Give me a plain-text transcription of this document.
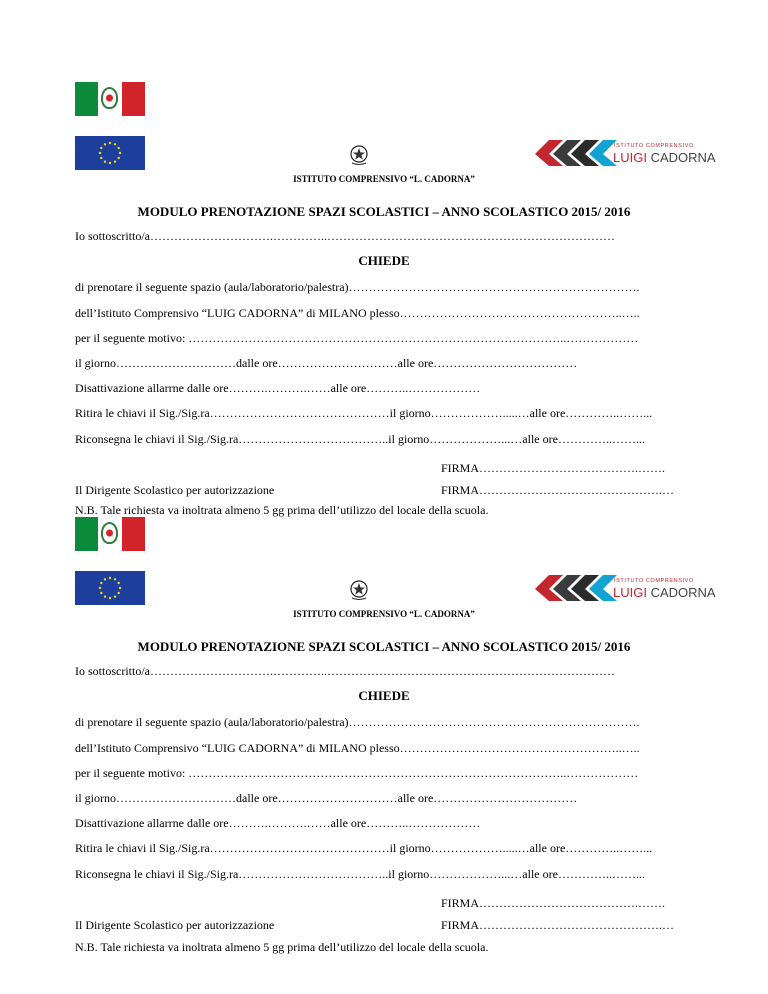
ISTITUTO COMPRENSIVO
LUIGI CADORNA
ISTITUTO COMPRENSIVO “L. CADORNA”
MODULO PRENOTAZIONE SPAZI SCOLASTICI – ANNO SCOLASTICO 2015/ 2016
Io sottoscritto/a………………………….…………..………………………………………………………………
CHIEDE
di prenotare il seguente spazio (aula/laboratorio/palestra)……………………………………………………………….
dell’Istituto Comprensivo “LUIG CADORNA” di MILANO plesso………………………………………………..…..
per il seguente motivo: …………………………………………………………………………………..………………
il giorno…………………………dalle ore…………………………alle ore………………………………
Disattivazione allarrne dalle ore……….……….……alle ore………..………………
Ritira le chiavi il Sig./Sig.ra………………………………………il giorno……………….....…alle ore…………..……...
Riconsegna le chiavi il Sig./Sig.ra………………………………..il giorno………………...…alle ore…………..……...
FIRMA………………………………….…….
Il Dirigente Scolastico per autorizzazione	FIRMA……………………………………….…
N.B. Tale richiesta va inoltrata almeno 5 gg prima dell’utilizzo del locale della scuola.
ISTITUTO COMPRENSIVO
LUIGI CADORNA
ISTITUTO COMPRENSIVO “L. CADORNA”
MODULO PRENOTAZIONE SPAZI SCOLASTICI – ANNO SCOLASTICO 2015/ 2016
Io sottoscritto/a………………………….…………..………………………………………………………………
CHIEDE
di prenotare il seguente spazio (aula/laboratorio/palestra)……………………………………………………………….
dell’Istituto Comprensivo “LUIG CADORNA” di MILANO plesso………………………………………………..…..
per il seguente motivo: …………………………………………………………………………………..………………
il giorno…………………………dalle ore…………………………alle ore………………………………
Disattivazione allarrne dalle ore……….……….……alle ore………..………………
Ritira le chiavi il Sig./Sig.ra………………………………………il giorno……………….....…alle ore…………..……...
Riconsegna le chiavi il Sig./Sig.ra………………………………..il giorno………………...…alle ore…………..……...
FIRMA………………………………….…….
Il Dirigente Scolastico per autorizzazione	FIRMA……………………………………….…
N.B. Tale richiesta va inoltrata almeno 5 gg prima dell’utilizzo del locale della scuola.
